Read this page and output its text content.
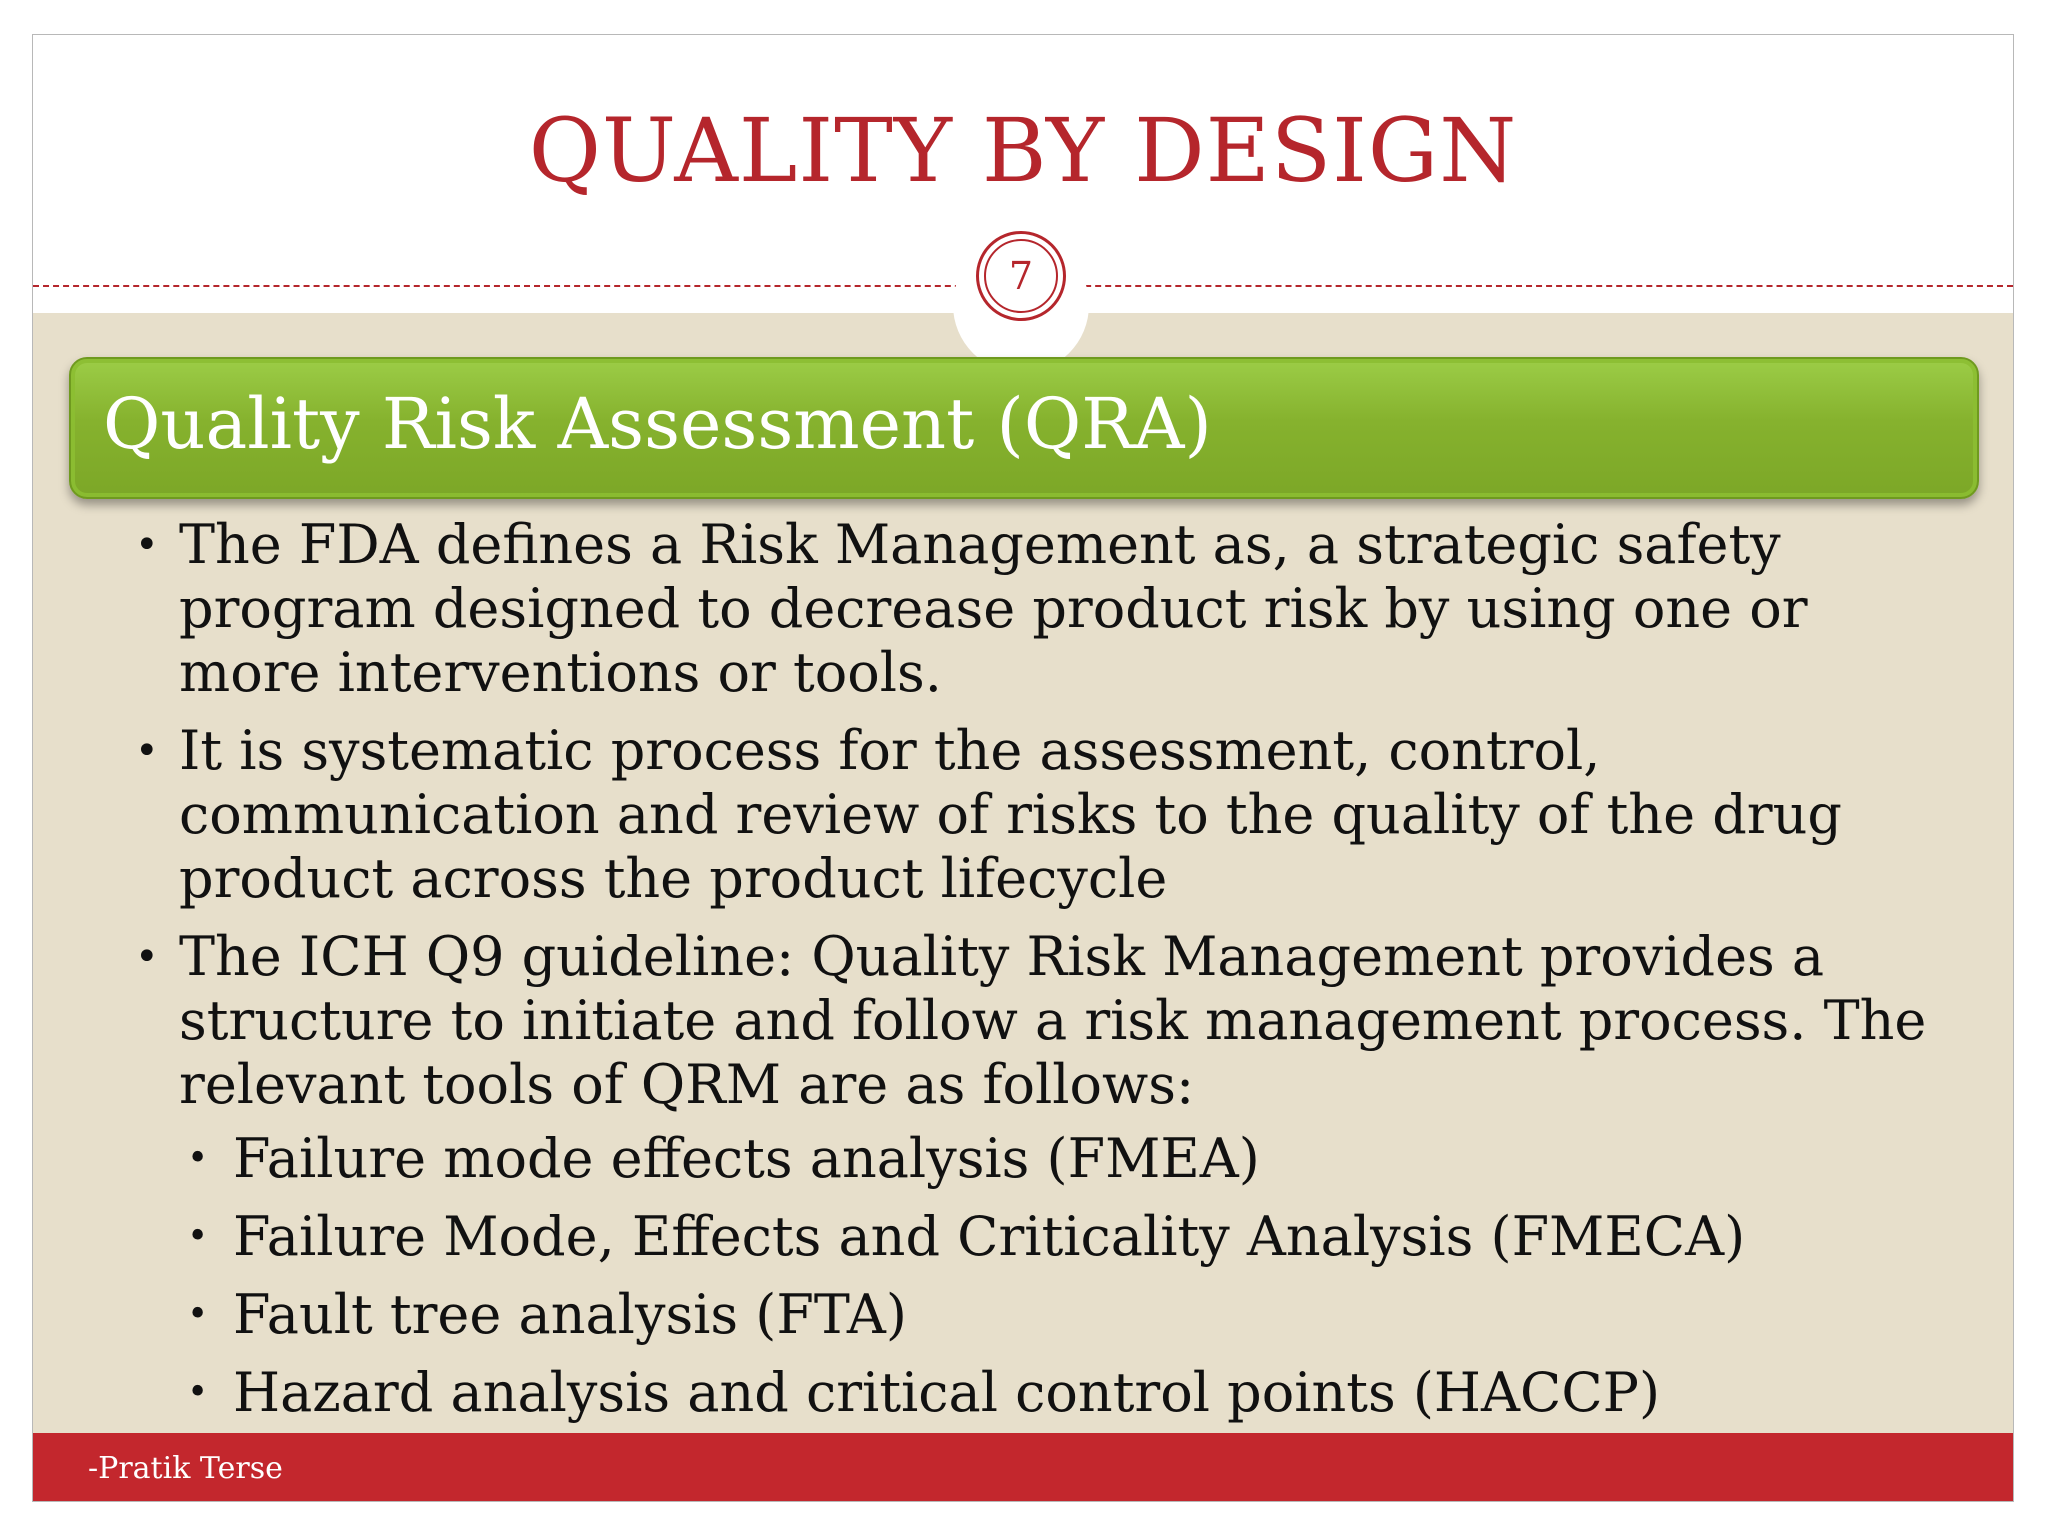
QUALITY BY DESIGN
7
Quality Risk Assessment (QRA)
• The FDA defines a Risk Management as, a strategic safety
program designed to decrease product risk by using one or
more interventions or tools.
• It is systematic process for the assessment, control,
communication and review of risks to the quality of the drug
product across the product lifecycle
• The ICH Q9 guideline: Quality Risk Management provides a
structure to initiate and follow a risk management process. The
relevant tools of QRM are as follows:
• Failure mode effects analysis (FMEA)
• Failure Mode, Effects and Criticality Analysis (FMECA)
• Fault tree analysis (FTA)
• Hazard analysis and critical control points (HACCP)
-Pratik Terse
